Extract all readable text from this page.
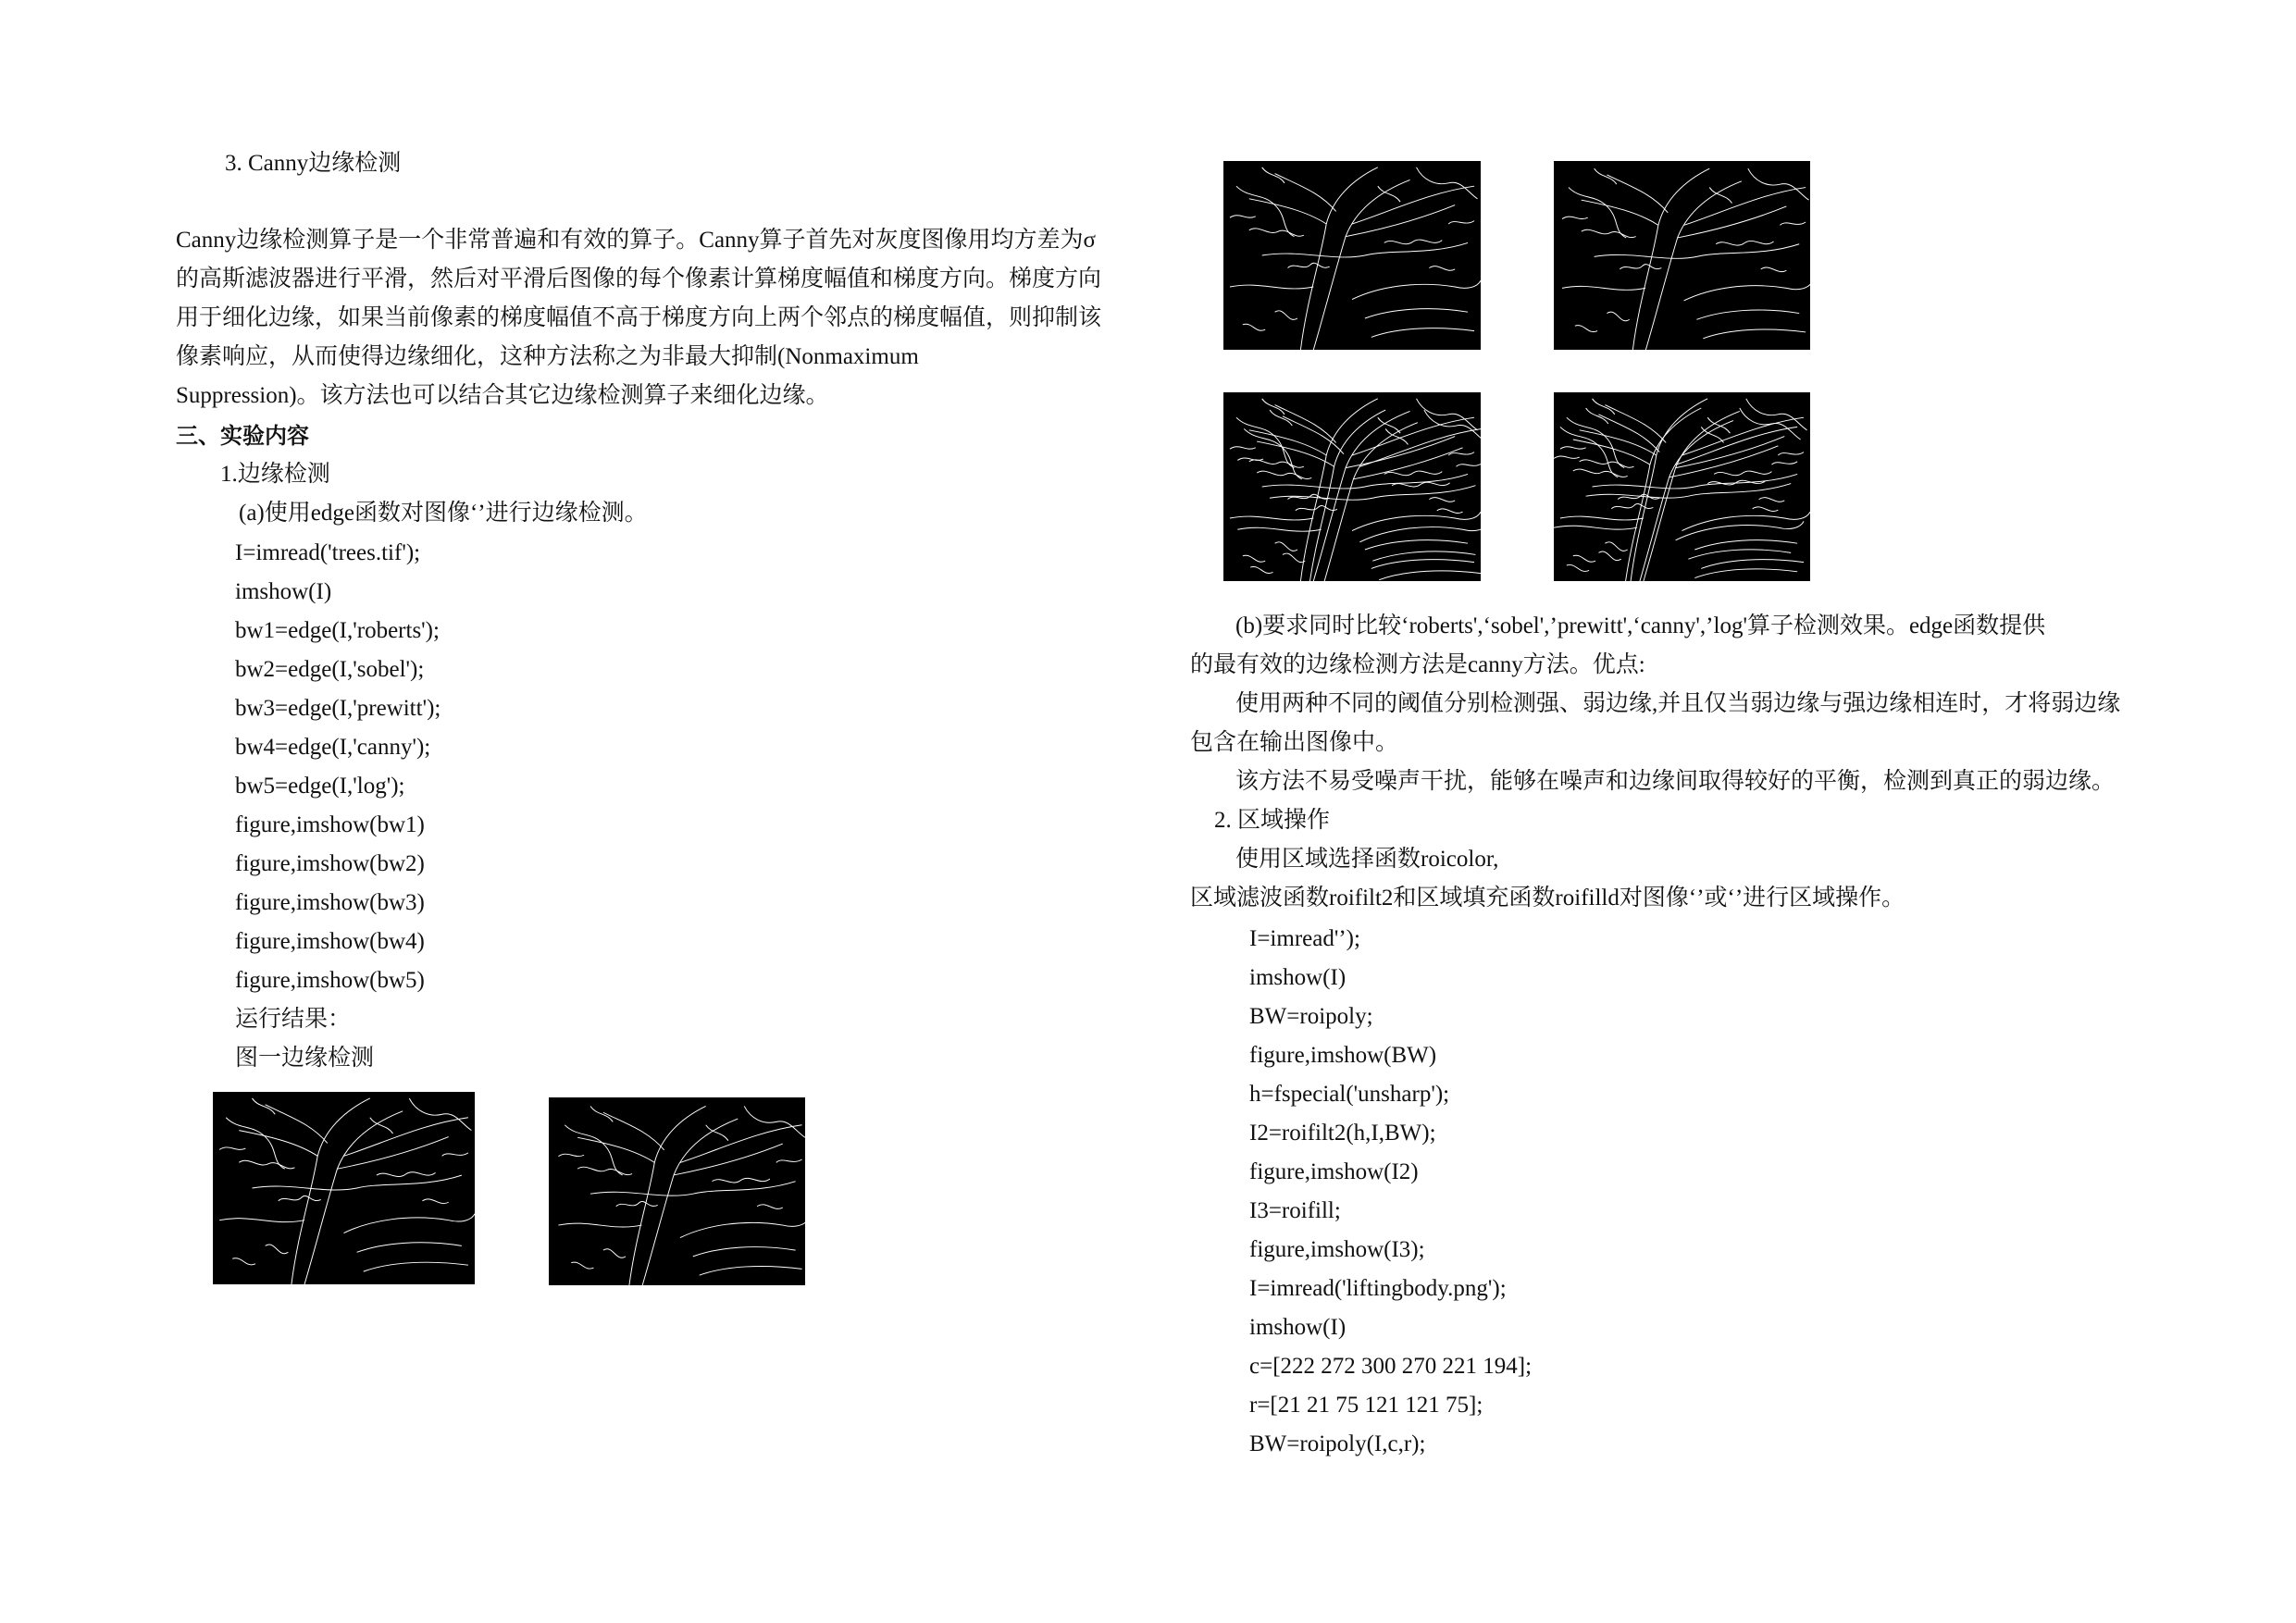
3. Canny边缘检测
Canny边缘检测算子是一个非常普遍和有效的算子。Canny算子首先对灰度图像用均方差为σ
的高斯滤波器进行平滑，然后对平滑后图像的每个像素计算梯度幅值和梯度方向。梯度方向
用于细化边缘，如果当前像素的梯度幅值不高于梯度方向上两个邻点的梯度幅值，则抑制该
像素响应，从而使得边缘细化，这种方法称之为非最大抑制(Nonmaximum
Suppression)。该方法也可以结合其它边缘检测算子来细化边缘。
三、实验内容
1.边缘检测
(a)使用edge函数对图像‘’进行边缘检测。
I=imread('trees.tif');
imshow(I)
bw1=edge(I,'roberts');
bw2=edge(I,'sobel');
bw3=edge(I,'prewitt');
bw4=edge(I,'canny');
bw5=edge(I,'log');
figure,imshow(bw1)
figure,imshow(bw2)
figure,imshow(bw3)
figure,imshow(bw4)
figure,imshow(bw5)
运行结果：
图一边缘检测
(b)要求同时比较‘roberts',‘sobel',’prewitt',‘canny',’log'算子检测效果。edge函数提供
的最有效的边缘检测方法是canny方法。优点:
使用两种不同的阈值分别检测强、弱边缘,并且仅当弱边缘与强边缘相连时，才将弱边缘
包含在输出图像中。
该方法不易受噪声干扰，能够在噪声和边缘间取得较好的平衡，检测到真正的弱边缘。
2. 区域操作
使用区域选择函数roicolor,
区域滤波函数roifilt2和区域填充函数roifilld对图像‘’或‘’进行区域操作。
I=imread'’);
imshow(I)
BW=roipoly;
figure,imshow(BW)
h=fspecial('unsharp');
I2=roifilt2(h,I,BW);
figure,imshow(I2)
I3=roifill;
figure,imshow(I3);
I=imread('liftingbody.png');
imshow(I)
c=[222 272 300 270 221 194];
r=[21 21 75 121 121 75];
BW=roipoly(I,c,r);
